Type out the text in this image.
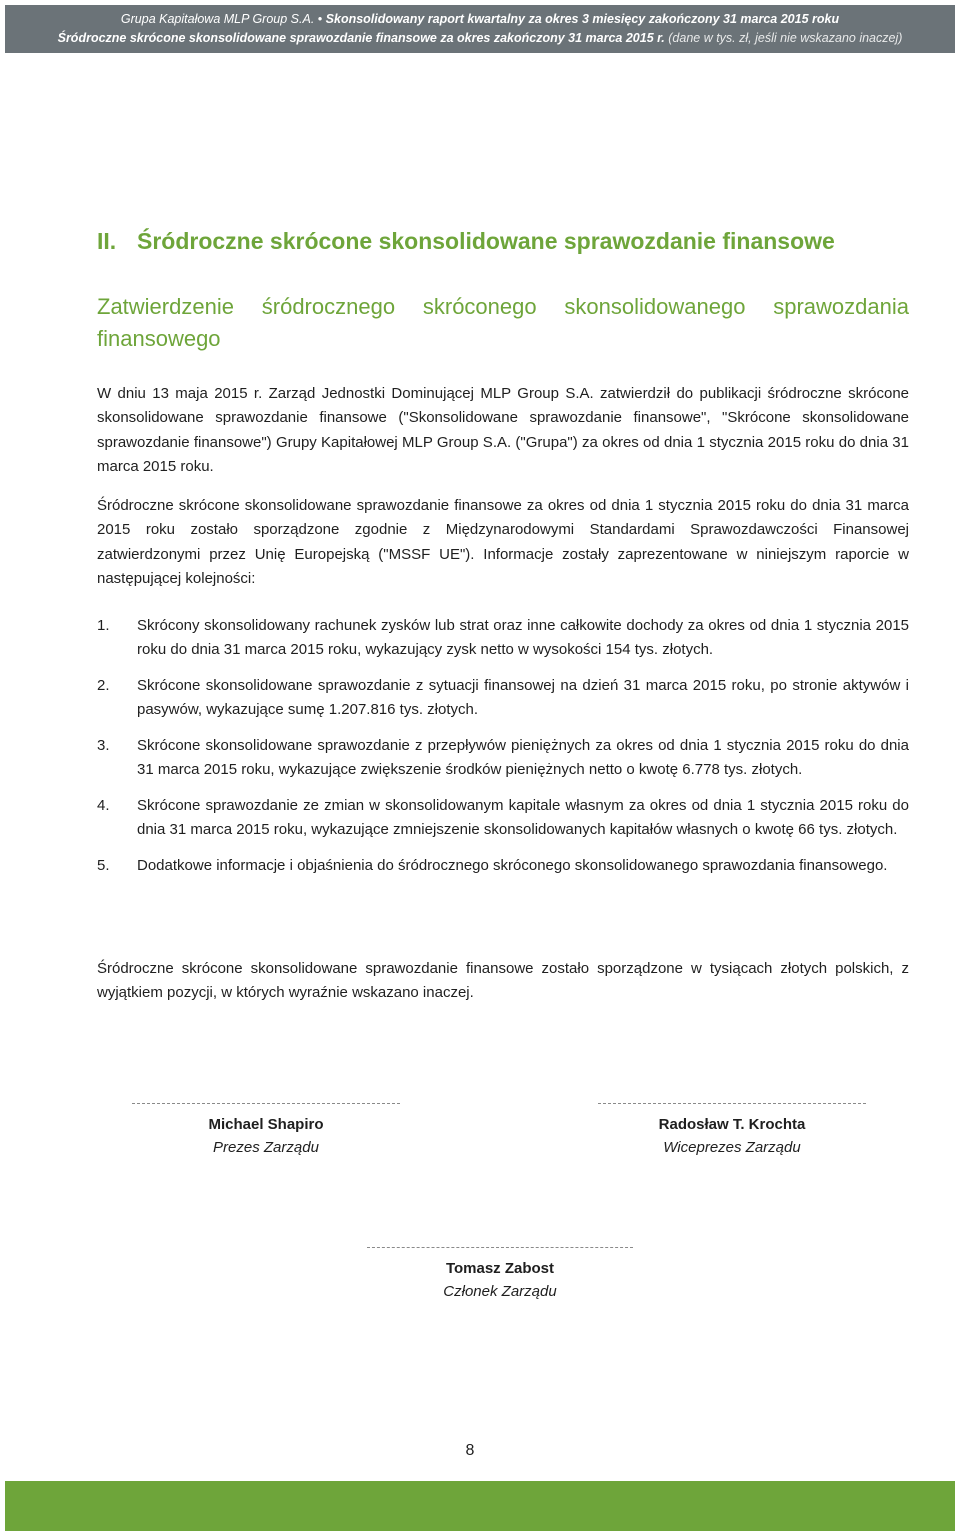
Grupa Kapitałowa MLP Group S.A. • Skonsolidowany raport kwartalny za okres 3 miesięcy zakończony 31 marca 2015 roku
Śródroczne skrócone skonsolidowane sprawozdanie finansowe za okres zakończony 31 marca 2015 r. (dane w tys. zł, jeśli nie wskazano inaczej)
II. Śródroczne skrócone skonsolidowane sprawozdanie finansowe
Zatwierdzenie śródrocznego skróconego skonsolidowanego sprawozdania finansowego

W dniu 13 maja 2015 r. Zarząd Jednostki Dominującej MLP Group S.A. zatwierdził do publikacji śródroczne skrócone skonsolidowane sprawozdanie finansowe ("Skonsolidowane sprawozdanie finansowe", "Skrócone skonsolidowane sprawozdanie finansowe") Grupy Kapitałowej MLP Group S.A. ("Grupa") za okres od dnia 1 stycznia 2015 roku do dnia 31 marca 2015 roku.

Śródroczne skrócone skonsolidowane sprawozdanie finansowe za okres od dnia 1 stycznia 2015 roku do dnia 31 marca 2015 roku zostało sporządzone zgodnie z Międzynarodowymi Standardami Sprawozdawczości Finansowej zatwierdzonymi przez Unię Europejską ("MSSF UE"). Informacje zostały zaprezentowane w niniejszym raporcie w następującej kolejności:

1. Skrócony skonsolidowany rachunek zysków lub strat oraz inne całkowite dochody za okres od dnia 1 stycznia 2015 roku do dnia 31 marca 2015 roku, wykazujący zysk netto w wysokości 154 tys. złotych.
2. Skrócone skonsolidowane sprawozdanie z sytuacji finansowej na dzień 31 marca 2015 roku, po stronie aktywów i pasywów, wykazujące sumę 1.207.816 tys. złotych.
3. Skrócone skonsolidowane sprawozdanie z przepływów pieniężnych za okres od dnia 1 stycznia 2015 roku do dnia 31 marca 2015 roku, wykazujące zwiększenie środków pieniężnych netto o kwotę 6.778 tys. złotych.
4. Skrócone sprawozdanie ze zmian w skonsolidowanym kapitale własnym za okres od dnia 1 stycznia 2015 roku do dnia 31 marca 2015 roku, wykazujące zmniejszenie skonsolidowanych kapitałów własnych o kwotę 66 tys. złotych.
5. Dodatkowe informacje i objaśnienia do śródrocznego skróconego skonsolidowanego sprawozdania finansowego.

Śródroczne skrócone skonsolidowane sprawozdanie finansowe zostało sporządzone w tysiącach złotych polskich, z wyjątkiem pozycji, w których wyraźnie wskazano inaczej.

Michael Shapiro
Prezes Zarządu
Radosław T. Krochta
Wiceprezes Zarządu
Tomasz Zabost
Członek Zarządu
8
